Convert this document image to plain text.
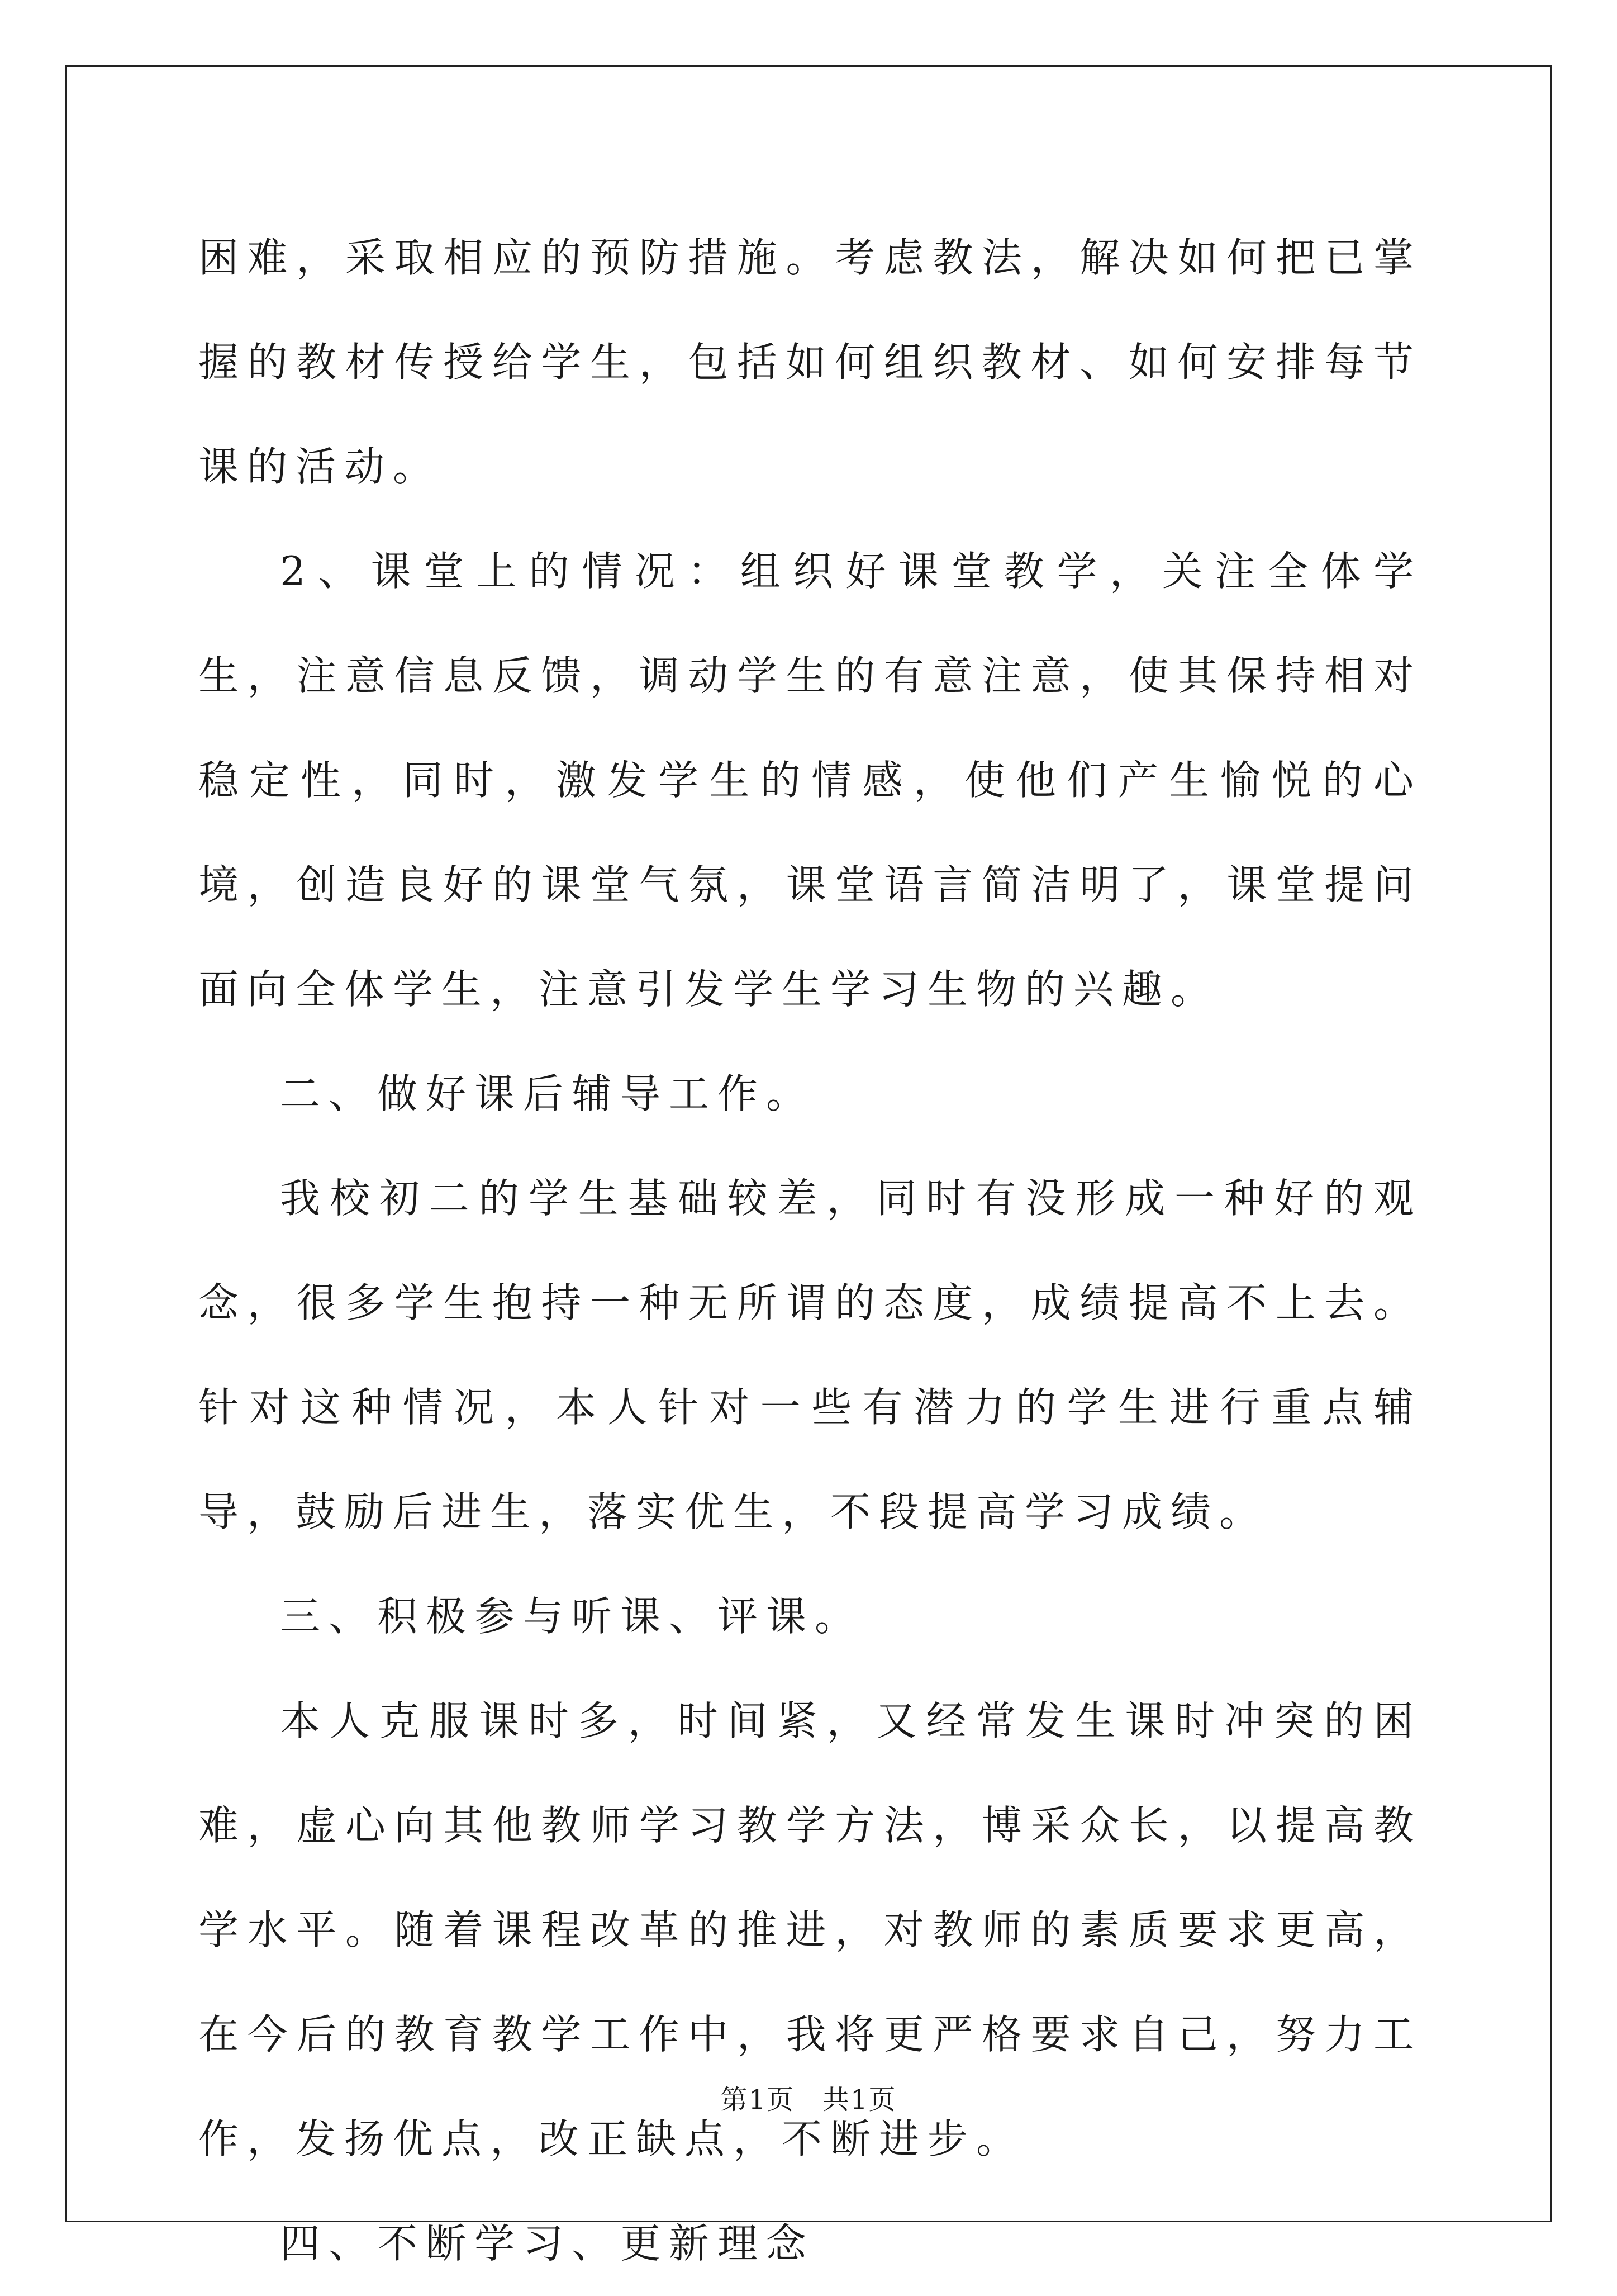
困难，采取相应的预防措施。考虑教法，解决如何把已掌握的教材传授给学生，包括如何组织教材、如何安排每节课的活动。

2、课堂上的情况：组织好课堂教学，关注全体学生，注意信息反馈，调动学生的有意注意，使其保持相对稳定性，同时，激发学生的情感，使他们产生愉悦的心境，创造良好的课堂气氛，课堂语言简洁明了，课堂提问面向全体学生，注意引发学生学习生物的兴趣。

二、做好课后辅导工作。

我校初二的学生基础较差，同时有没形成一种好的观念，很多学生抱持一种无所谓的态度，成绩提高不上去。针对这种情况，本人针对一些有潜力的学生进行重点辅导，鼓励后进生，落实优生，不段提高学习成绩。

三、积极参与听课、评课。

本人克服课时多，时间紧，又经常发生课时冲突的困难，虚心向其他教师学习教学方法，博采众长，以提高教学水平。随着课程改革的推进，对教师的素质要求更高，在今后的教育教学工作中，我将更严格要求自己，努力工作，发扬优点，改正缺点，不断进步。

四、不断学习、更新理念

第1页　共1页
